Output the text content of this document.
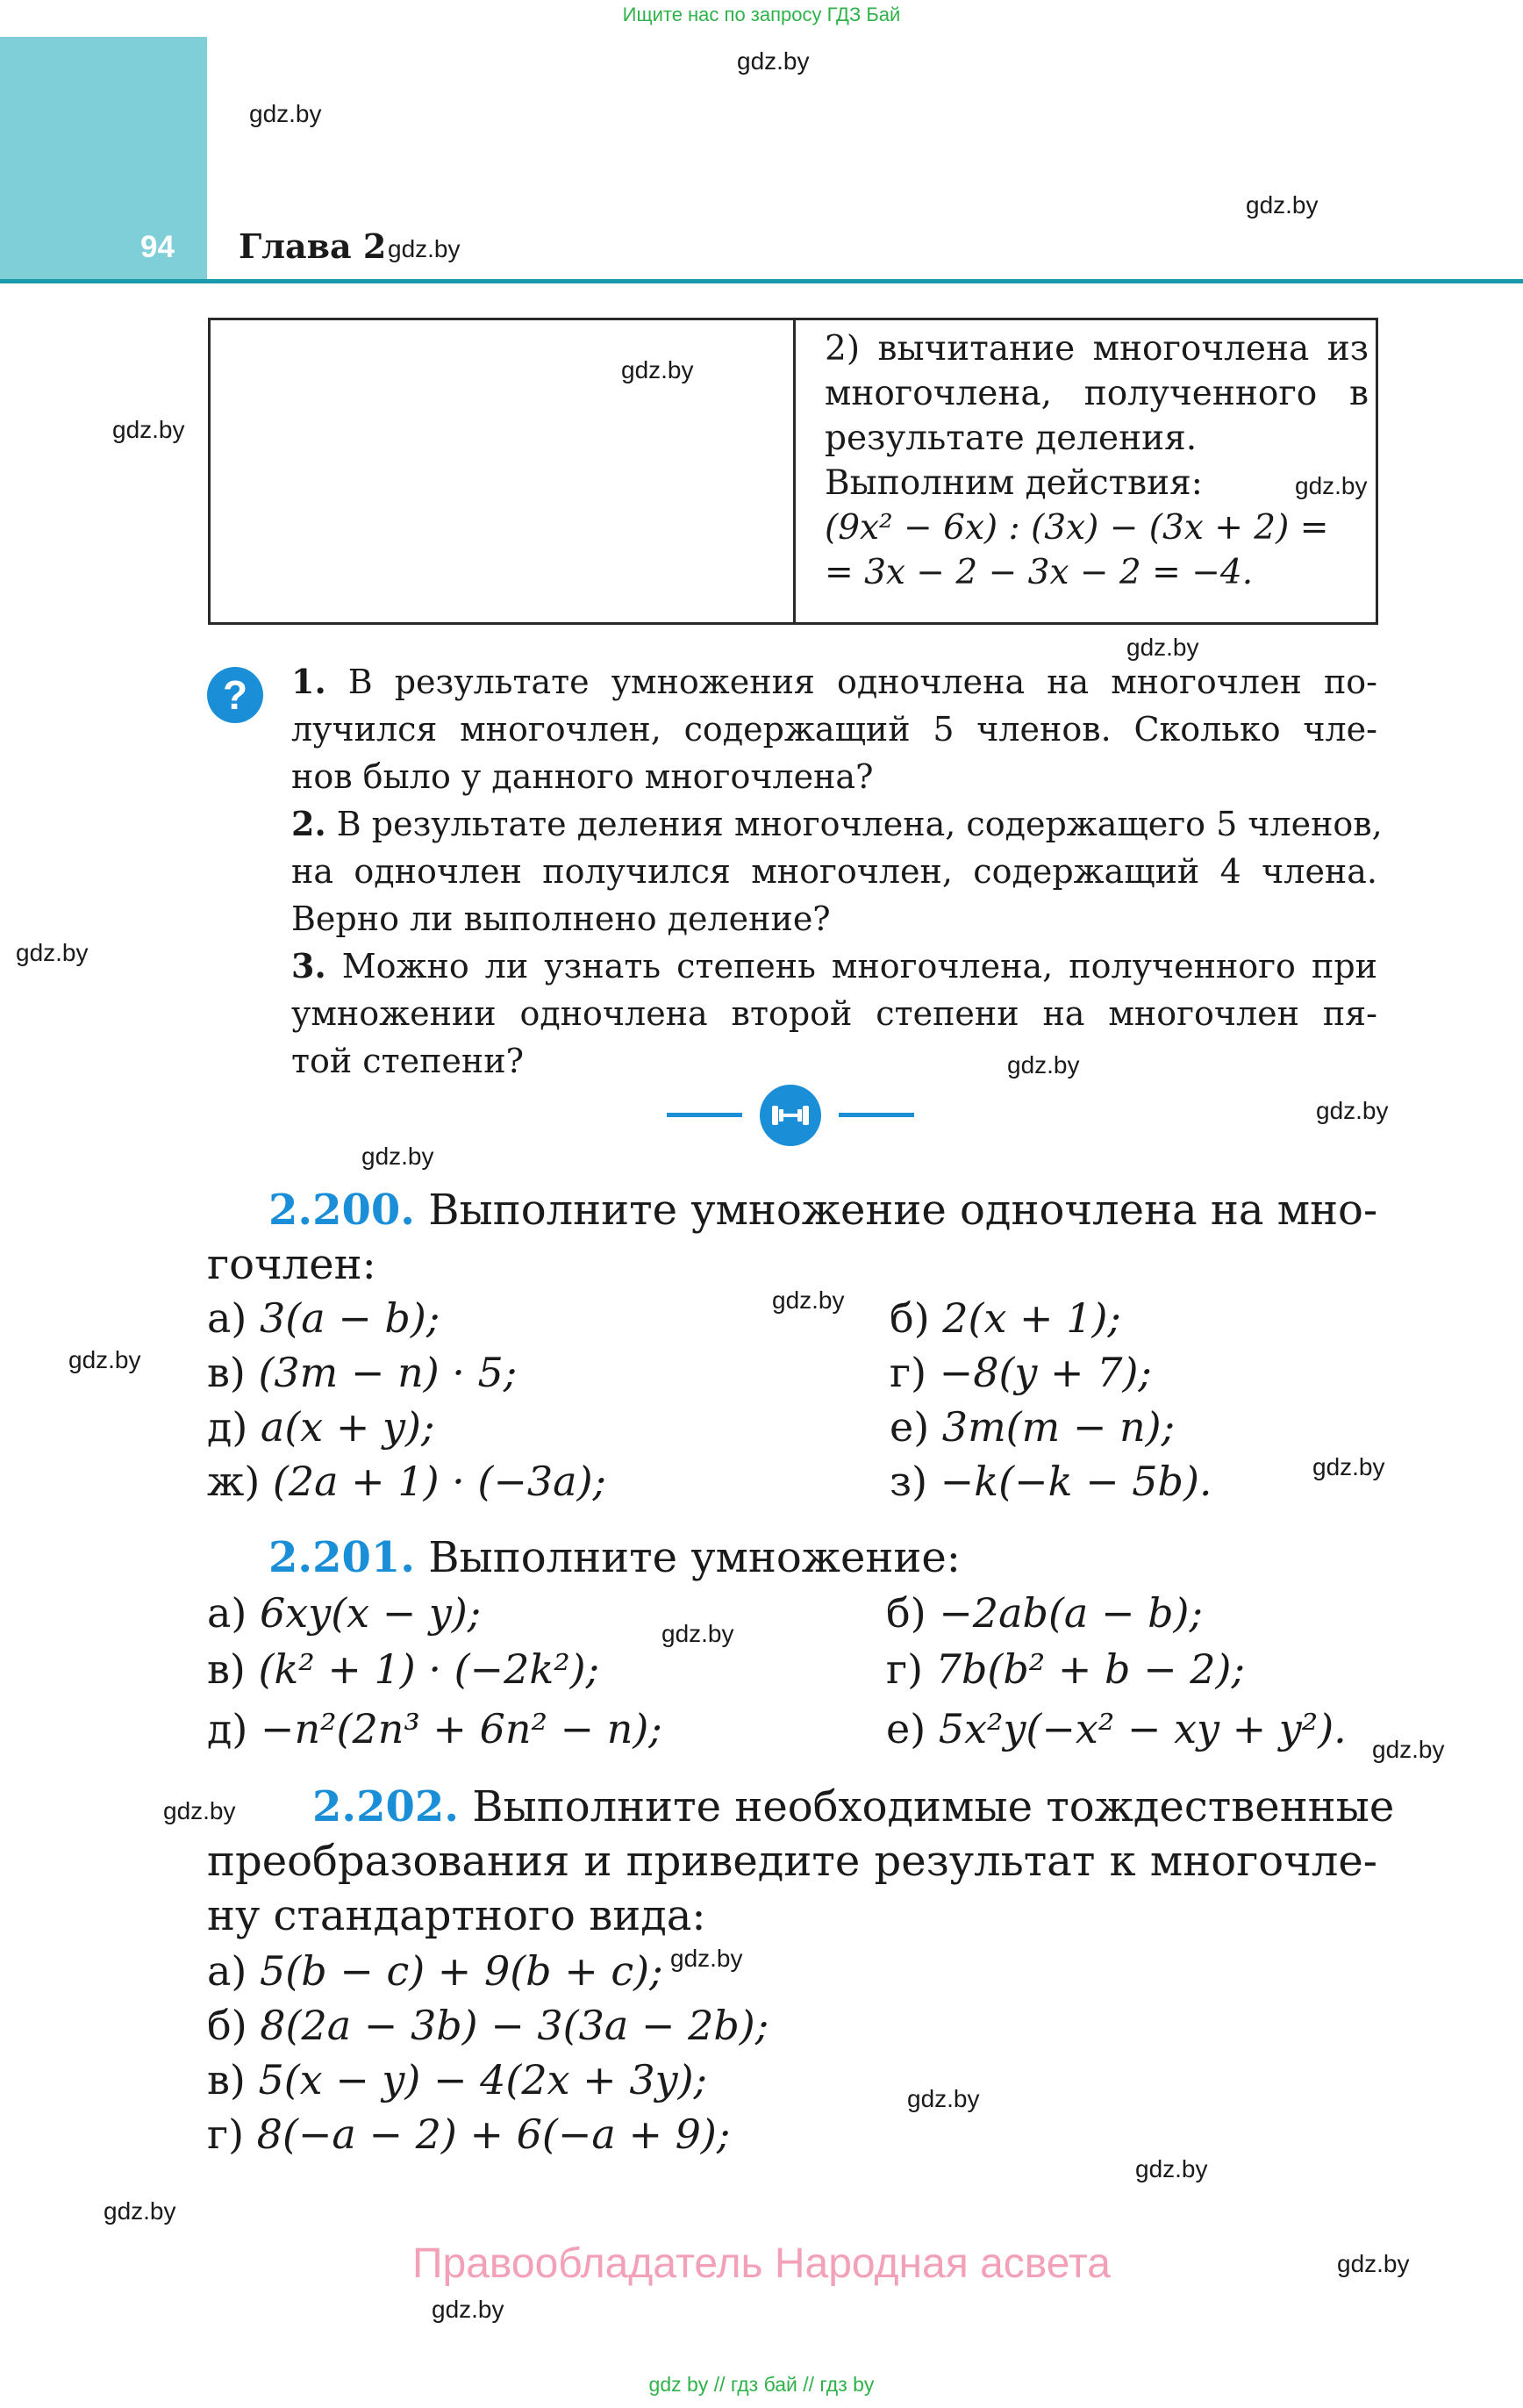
Ищите нас по запросу ГДЗ Бай
94 Глава 2
gdz.by
gdz.by
gdz.by
gdz.by
gdz.by
gdz.by
gdz.by
gdz.by
gdz.by
gdz.by
gdz.by
gdz.by
gdz.by
gdz.by
gdz.by
gdz.by
gdz.by
gdz.by
gdz.by
gdz.by
gdz.by
gdz.by
gdz.by
gdz.by
2) вычитание многочлена из
многочлена, полученного в
результате деления.
Выполним действия:
(9x² − 6x) : (3x) − (3x + 2) =
= 3x − 2 − 3x − 2 = −4.
?	1. В результате умножения одночлена на многочлен по-
лучился многочлен, содержащий 5 членов. Сколько чле-
нов было у данного многочлена?
2. В результате деления многочлена, содержащего 5 членов,
на одночлен получился многочлен, содержащий 4 члена.
Верно ли выполнено деление?
3. Можно ли узнать степень многочлена, полученного при
умножении одночлена второй степени на многочлен пя-
той степени?
2.200. Выполните умножение одночлена на мно-
гочлен:
а) 3(a − b);	б) 2(x + 1);
в) (3m − n) · 5;	г) −8(y + 7);
д) a(x + y);	е) 3m(m − n);
ж) (2a + 1) · (−3a);	з) −k(−k − 5b).
2.201. Выполните умножение:
а) 6xy(x − y);	б) −2ab(a − b);
в) (k² + 1) · (−2k²);	г) 7b(b² + b − 2);
д) −n²(2n³ + 6n² − n);	е) 5x²y(−x² − xy + y²).
2.202. Выполните необходимые тождественные
преобразования и приведите результат к многочле-
ну стандартного вида:
а) 5(b − c) + 9(b + c);
б) 8(2a − 3b) − 3(3a − 2b);
в) 5(x − y) − 4(2x + 3y);
г) 8(−a − 2) + 6(−a + 9);
Правообладатель Народная асвета
gdz by // гдз бай // гдз by
